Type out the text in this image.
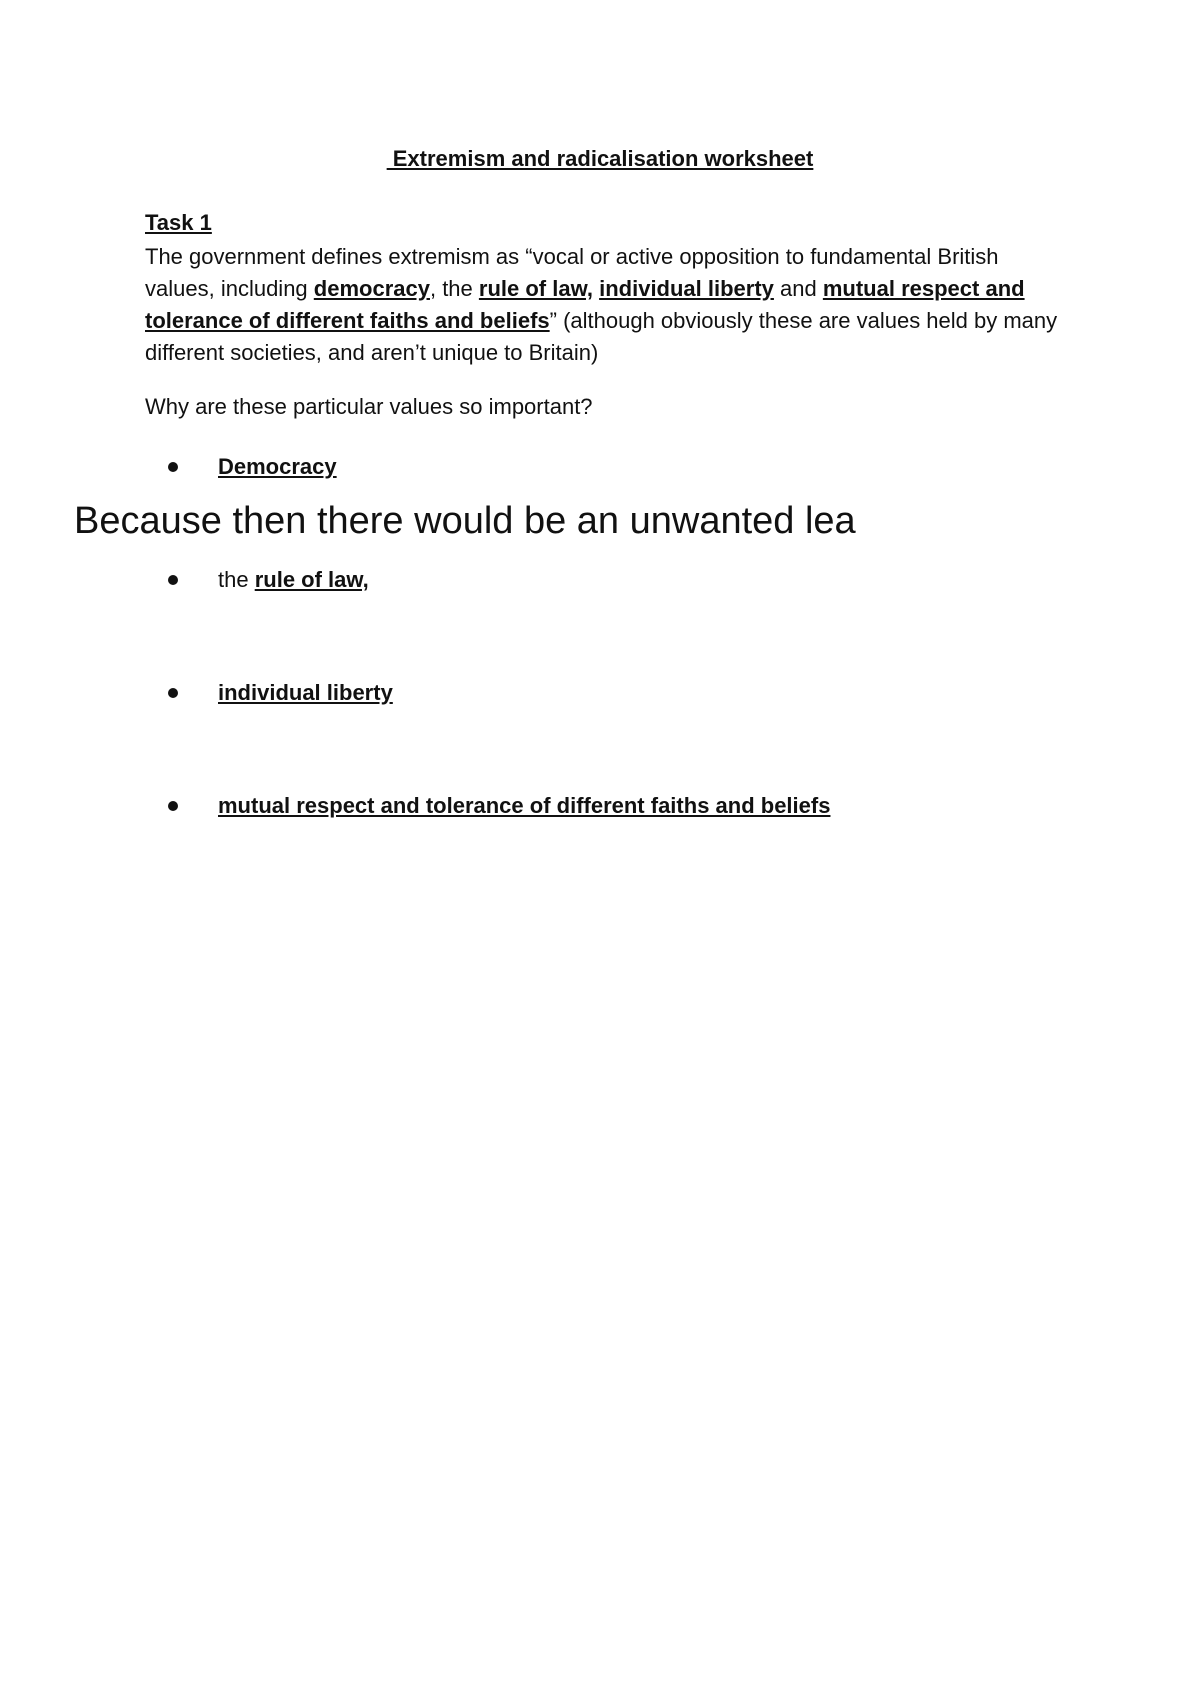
Extremism and radicalisation worksheet
Task 1
The government defines extremism as “vocal or active opposition to fundamental British values, including democracy, the rule of law, individual liberty and mutual respect and tolerance of different faiths and beliefs” (although obviously these are values held by many different societies, and aren’t unique to Britain)
Why are these particular values so important?
Democracy
Because then there would be an unwanted lea
the rule of law,
individual liberty
mutual respect and tolerance of different faiths and beliefs
